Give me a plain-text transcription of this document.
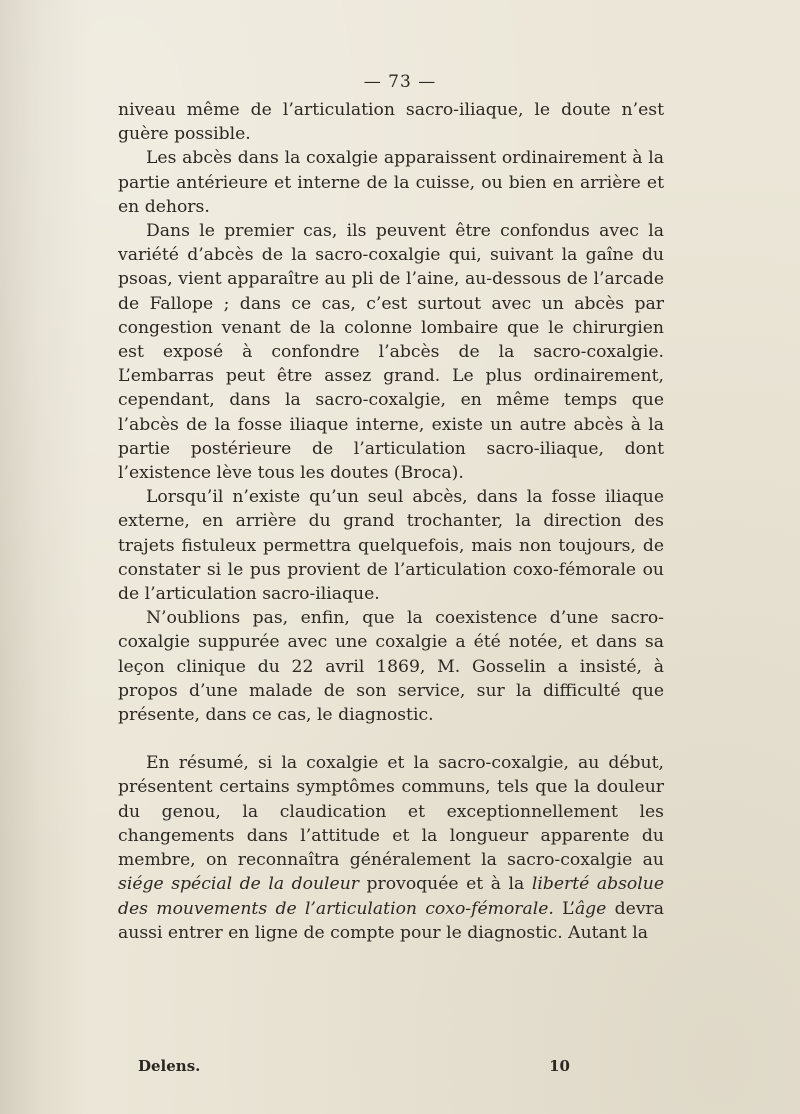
— 73 —

niveau même de l’articulation sacro-iliaque, le doute n’est guère possible.

Les abcès dans la coxalgie apparaissent ordinairement à la partie antérieure et interne de la cuisse, ou bien en arrière et en dehors.

Dans le premier cas, ils peuvent être confondus avec la variété d’abcès de la sacro-coxalgie qui, suivant la gaîne du psoas, vient apparaître au pli de l’aine, au-dessous de l’arcade de Fallope ; dans ce cas, c’est surtout avec un abcès par congestion venant de la colonne lombaire que le chirurgien est exposé à confondre l’abcès de la sacro-coxalgie. L’embarras peut être assez grand. Le plus ordinairement, cependant, dans la sacro-coxalgie, en même temps que l’abcès de la fosse iliaque interne, existe un autre abcès à la partie postérieure de l’articulation sacro-iliaque, dont l’existence lève tous les doutes (Broca).

Lorsqu’il n’existe qu’un seul abcès, dans la fosse iliaque externe, en arrière du grand trochanter, la direction des trajets fistuleux permettra quelquefois, mais non toujours, de constater si le pus provient de l’articulation coxo-fémorale ou de l’articulation sacro-iliaque.

N’oublions pas, enfin, que la coexistence d’une sacro-coxalgie suppurée avec une coxalgie a été notée, et dans sa leçon clinique du 22 avril 1869, M. Gosselin a insisté, à propos d’une malade de son service, sur la difficulté que présente, dans ce cas, le diagnostic.

En résumé, si la coxalgie et la sacro-coxalgie, au début, présentent certains symptômes communs, tels que la douleur du genou, la claudication et exceptionnellement les changements dans l’attitude et la longueur apparente du membre, on reconnaîtra généralement la sacro-coxalgie au siége spécial de la douleur provoquée et à la liberté absolue des mouvements de l’articulation coxo-fémorale. L’âge devra aussi entrer en ligne de compte pour le diagnostic. Autant la

Delens.	10
